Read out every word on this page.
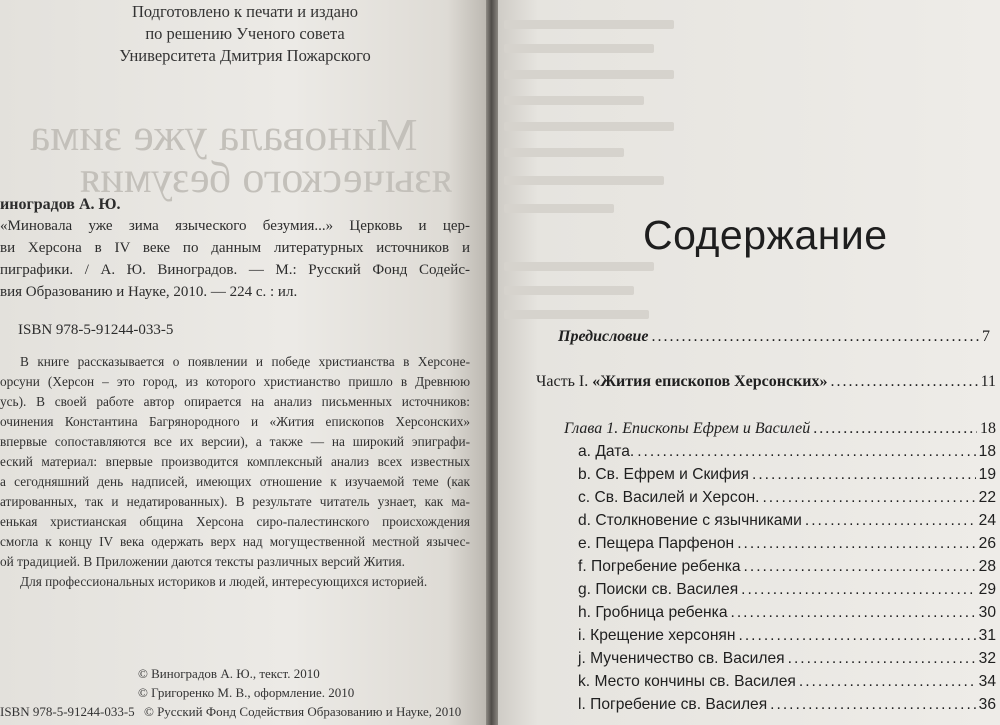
Миновала уже зима
языческого безумия
Подготовлено к печати и издано
по решению Ученого совета
Университета Дмитрия Пожарского
иноградов А. Ю.
«Миновала уже зима языческого безумия...» Церковь и цер-
ви Херсона в IV веке по данным литературных источников и
пиграфики. / А. Ю. Виноградов. — М.: Русский Фонд Содейс-
вия Образованию и Науке, 2010. — 224 с. : ил.
ISBN 978-5-91244-033-5
В книге рассказывается о появлении и победе христианства в Херсоне-
орсуни (Херсон – это город, из которого христианство пришло в Древнюю
усь). В своей работе автор опирается на анализ письменных источников:
очинения Константина Багрянородного и «Жития епископов Херсонских»
впервые сопоставляются все их версии), а также — на широкий эпиграфи-
еский материал: впервые производится комплексный анализ всех известных
а сегодняшний день надписей, имеющих отношение к изучаемой теме (как
атированных, так и недатированных). В результате читатель узнает, как ма-
енькая христианская община Херсона сиро-палестинского происхождения
смогла к концу IV века одержать верх над могущественной местной язычес-
ой традицией. В Приложении даются тексты различных версий Жития.
Для профессиональных историков и людей, интересующихся историей.
© Виноградов А. Ю., текст. 2010
© Григоренко М. В., оформление. 2010
ISBN 978-5-91244-033-5 © Русский Фонд Содействия Образованию и Науке, 2010
Содержание
Предисловие .....	7
Часть I. «Жития епископов Херсонских» .....	11
Глава 1. Епископы Ефрем и Василей .....	18
a. Дата. .....	18
b. Св. Ефрем и Скифия .....	19
c. Св. Василей и Херсон. .....	22
d. Столкновение с язычниками .....	24
e. Пещера Парфенон .....	26
f. Погребение ребенка .....	28
g. Поиски св. Василея .....	29
h. Гробница ребенка .....	30
i. Крещение херсонян .....	31
j. Мученичество св. Василея .....	32
k. Место кончины св. Василея .....	34
l. Погребение св. Василея .....	36
